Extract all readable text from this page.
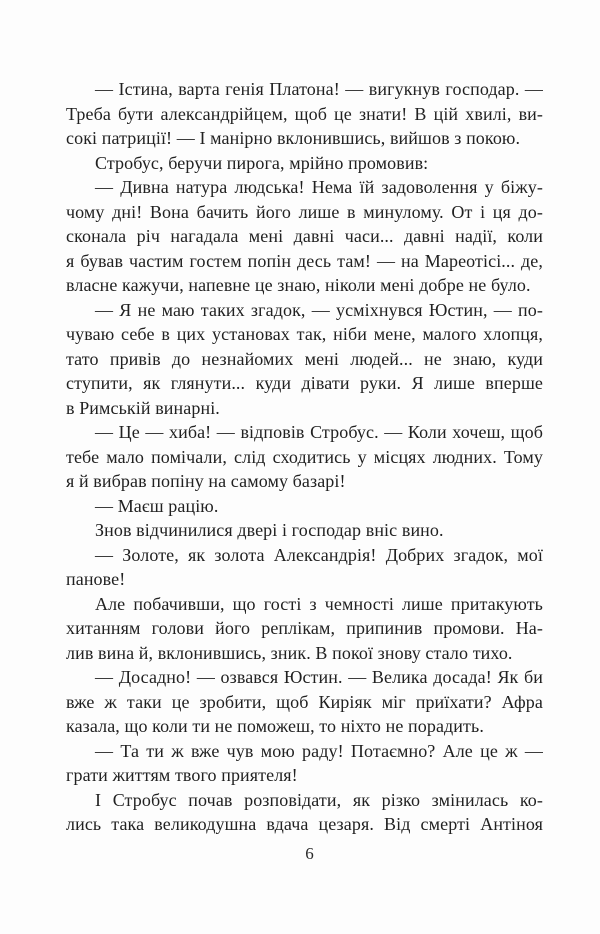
— Істина, варта генія Платона! — вигукнув господар. —
Треба бути александрійцем, щоб це знати! В цій хвилі, ви-
сокі патриції! — І манірно вклонившись, вийшов з покою.
Стробус, беручи пирога, мрійно промовив:
— Дивна натура людська! Нема їй задоволення у біжу-
чому дні! Вона бачить його лише в минулому. От і ця до-
сконала річ нагадала мені давні часи... давні надії, коли
я бував частим гостем попін десь там! — на Мареотісі... де,
власне кажучи, напевне це знаю, ніколи мені добре не було.
— Я не маю таких згадок, — усміхнувся Юстин, — по-
чуваю себе в цих установах так, ніби мене, малого хлопця,
тато привів до незнайомих мені людей... не знаю, куди
ступити, як глянути... куди дівати руки. Я лише вперше
в Римській винарні.
— Це — хиба! — відповів Стробус. — Коли хочеш, щоб
тебе мало помічали, слід сходитись у місцях людних. Тому
я й вибрав попіну на самому базарі!
— Маєш рацію.
Знов відчинилися двері і господар вніс вино.
— Золоте, як золота Александрія! Добрих згадок, мої
панове!
Але побачивши, що гості з чемності лише притакують
хитанням голови його реплікам, припинив промови. На-
лив вина й, вклонившись, зник. В покої знову стало тихо.
— Досадно! — озвався Юстин. — Велика досада! Як би
вже ж таки це зробити, щоб Киріяк міг приїхати? Афра
казала, що коли ти не поможеш, то ніхто не порадить.
— Та ти ж вже чув мою раду! Потаємно? Але це ж —
грати життям твого приятеля!
І Стробус почав розповідати, як різко змінилась ко-
лись така великодушна вдача цезаря. Від смерті Антіноя
6
